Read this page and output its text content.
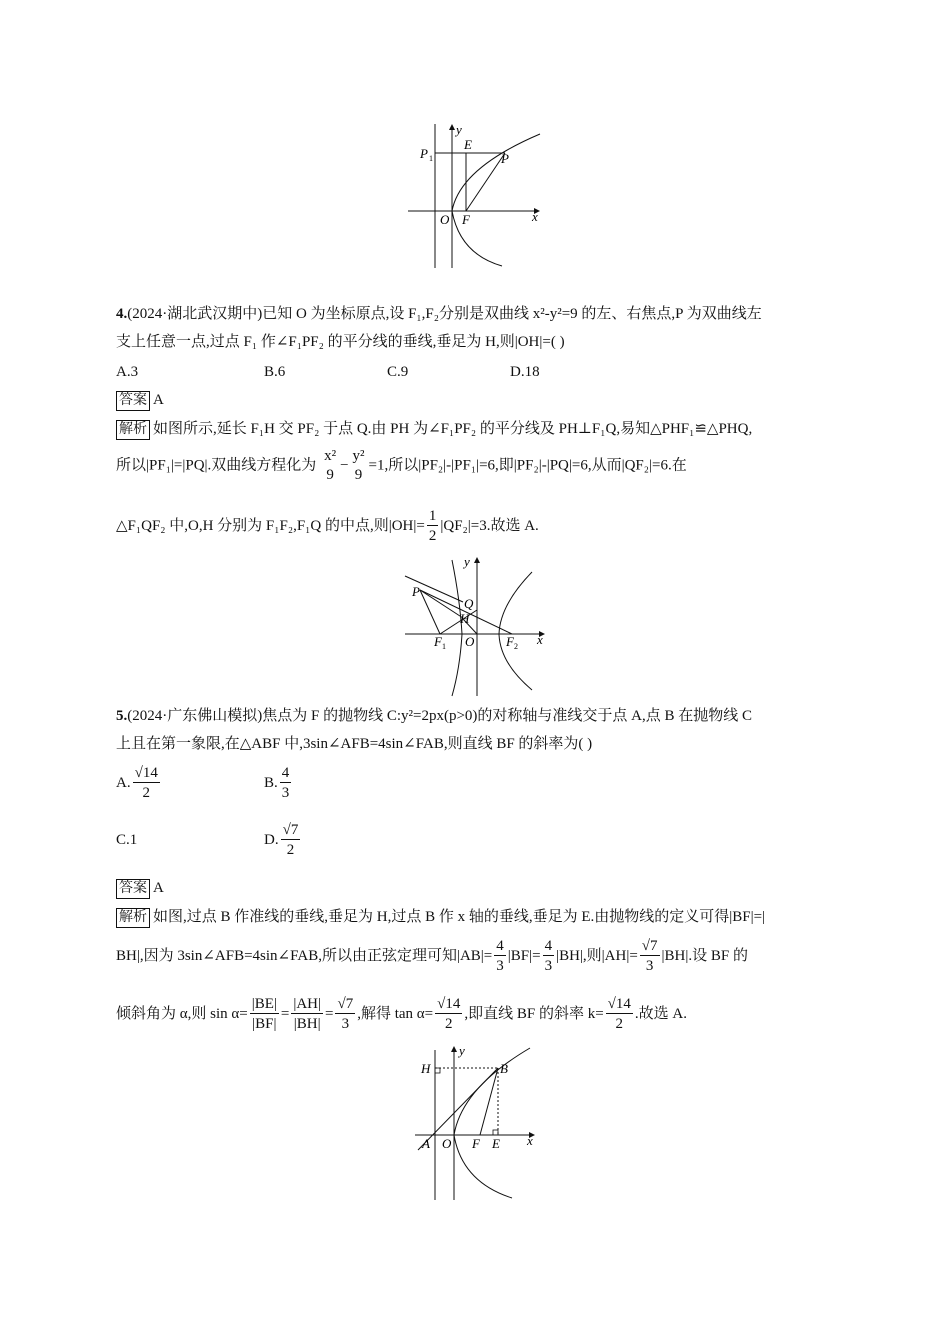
y
E
P 1	P
O F	x
4.(2024·湖北武汉期中)已知 O 为坐标原点,设 F₁,F₂分别是双曲线 x²-y²=9 的左、右焦点,P 为双曲线左
支上任意一点,过点 F₁ 作∠F₁PF₂ 的平分线的垂线,垂足为 H,则|OH|=( )
A.3	B.6	C.9	D.18
答案 A
解析 如图所示,延长 F₁H 交 PF₂ 于点 Q.由 PH 为∠F₁PF₂ 的平分线及 PH⊥F₁Q,易知△PHF₁≌△PHQ,
所以|PF₁|=|PQ|.双曲线方程化为
x²
9
−
y²
9
=1,所以|PF₂|-|PF₁|=6,即|PF₂|-|PQ|=6,从而|QF₂|=6.在
△F₁QF₂ 中,O,H 分别为 F₁F₂,F₁Q 的中点,则$|OH|= \frac{1}{2} |QF_2|=3$.故选 A.
y
P
Q
H
F 1 O F 2 x
5.(2024·广东佛山模拟)焦点为 F 的抛物线 C:y²=2px(p>0)的对称轴与准线交于点 A,点 B 在抛物线 C
上且在第一象限,在△ABF 中,3sin∠AFB=4sin∠FAB,则直线 BF 的斜率为( )
A. $\frac{√14}{2}$	B. $\frac{4}{3}$
C.1	D. $\frac{√7}{2}$
答案 A
解析 如图,过点 B 作准线的垂线,垂足为 H,过点 B 作 x 轴的垂线,垂足为 E.由抛物线的定义可得|BF|=|
BH|,因为 3sin∠AFB=4sin∠FAB,所以由正弦定理可知$|AB|= \frac{4}{3} |BF|= \frac{4}{3} |BH|$,则$|AH|= \frac{√7}{3} |BH|$.设 BF 的
倾斜角为 α,则 $\sin \alpha= \frac{|BE|}{|BF|} = \frac{|AH|}{|BH|} = \frac{√7}{3}$ ,解得 $\tan \alpha= \frac{√14}{2}$ ,即直线 BF 的斜率 $k= \frac{√14}{2}$ .故选 A.
y
H	B
A O F E x
